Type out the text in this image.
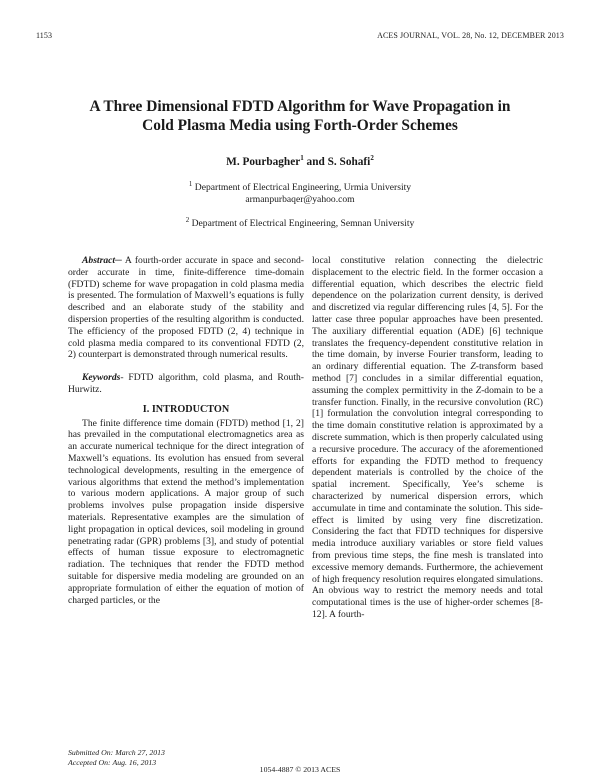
1153	ACES JOURNAL, VOL. 28, No. 12, DECEMBER 2013
A Three Dimensional FDTD Algorithm for Wave Propagation in
Cold Plasma Media using Forth-Order Schemes
M. Pourbagher$^1$ and S. Sohafi$^2$
$^1$ Department of Electrical Engineering, Urmia University
armanpurbaqer@yahoo.com
$^2$ Department of Electrical Engineering, Semnan University

Abstract─ A fourth-order accurate in space and second-order accurate in time, finite-difference time-domain (FDTD) scheme for wave propagation in cold plasma media is presented. The formulation of Maxwell’s equations is fully described and an elaborate study of the stability and dispersion properties of the resulting algorithm is conducted. The efficiency of the proposed FDTD (2, 4) technique in cold plasma media compared to its conventional FDTD (2, 2) counterpart is demonstrated through numerical results.

Keywords- FDTD algorithm, cold plasma, and Routh-Hurwitz.

I. INTRODUCTON

The finite difference time domain (FDTD) method [1, 2] has prevailed in the computational electromagnetics area as an accurate numerical technique for the direct integration of Maxwell’s equations. Its evolution has ensued from several technological developments, resulting in the emergence of various algorithms that extend the method’s implementation to various modern applications. A major group of such problems involves pulse propagation inside dispersive materials. Representative examples are the simulation of light propagation in optical devices, soil modeling in ground penetrating radar (GPR) problems [3], and study of potential effects of human tissue exposure to electromagnetic radiation. The techniques that render the FDTD method suitable for dispersive media modeling are grounded on an appropriate formulation of either the equation of motion of charged particles, or the

local constitutive relation connecting the dielectric displacement to the electric field. In the former occasion a differential equation, which describes the electric field dependence on the polarization current density, is derived and discretized via regular differencing rules [4, 5]. For the latter case three popular approaches have been presented. The auxiliary differential equation (ADE) [6] technique translates the frequency-dependent constitutive relation in the time domain, by inverse Fourier transform, leading to an ordinary differential equation. The Z-transform based method [7] concludes in a similar differential equation, assuming the complex permittivity in the Z-domain to be a transfer function. Finally, in the recursive convolution (RC) [1] formulation the convolution integral corresponding to the time domain constitutive relation is approximated by a discrete summation, which is then properly calculated using a recursive procedure. The accuracy of the aforementioned efforts for expanding the FDTD method to frequency dependent materials is controlled by the choice of the spatial increment. Specifically, Yee’s scheme is characterized by numerical dispersion errors, which accumulate in time and contaminate the solution. This side-effect is limited by using very fine discretization. Considering the fact that FDTD techniques for dispersive media introduce auxiliary variables or store field values from previous time steps, the fine mesh is translated into excessive memory demands. Furthermore, the achievement of high frequency resolution requires elongated simulations. An obvious way to restrict the memory needs and total computational times is the use of higher-order schemes [8-12]. A fourth-

Submitted On: March 27, 2013
Accepted On: Aug. 16, 2013
1054-4887 © 2013 ACES
